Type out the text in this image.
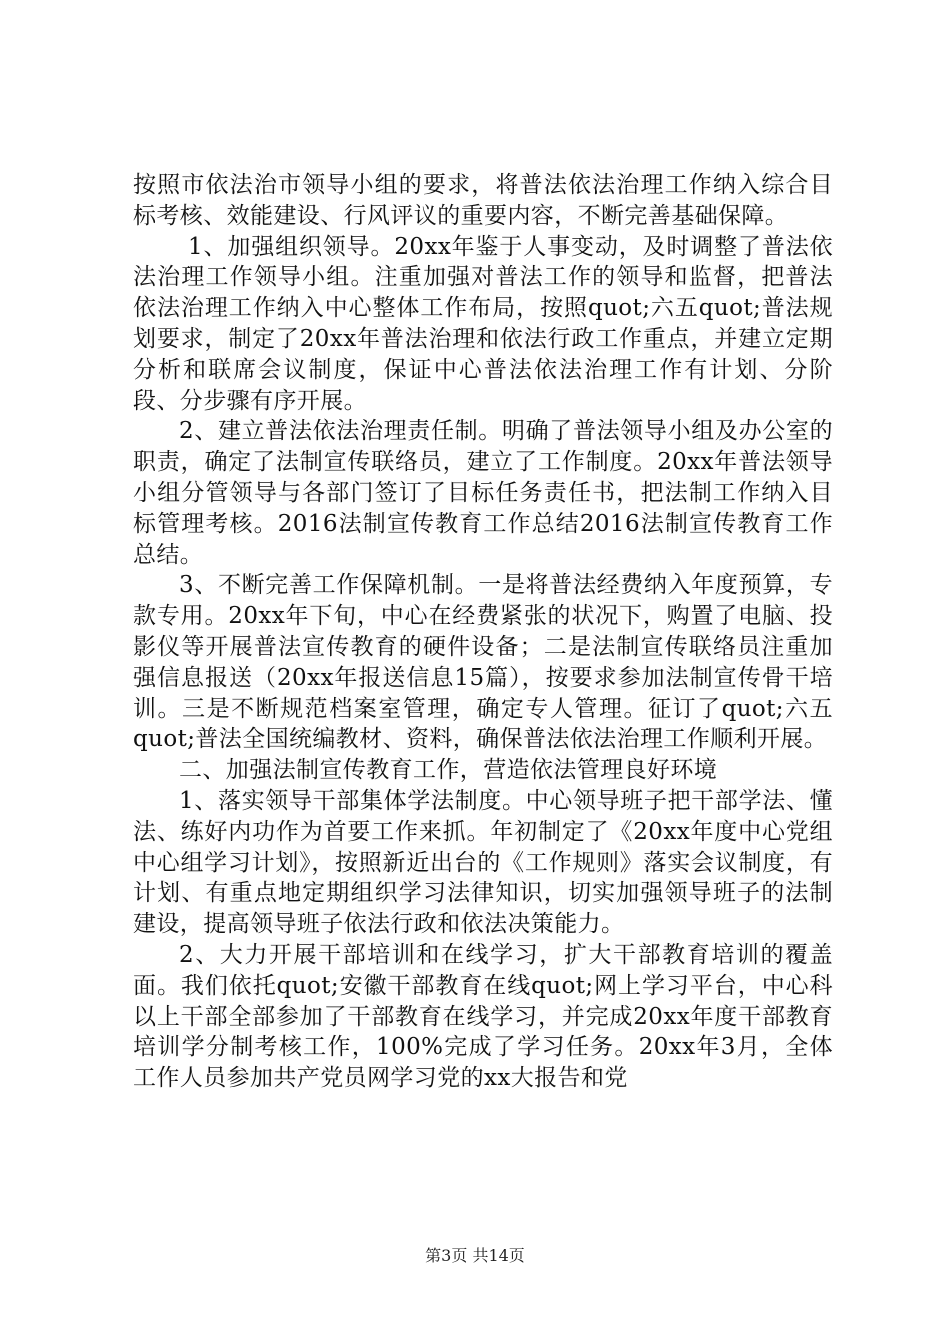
按照市依法治市领导小组的要求，将普法依法治理工作纳入综合目标考核、效能建设、行风评议的重要内容，不断完善基础保障。

1、加强组织领导。20xx年鉴于人事变动，及时调整了普法依法治理工作领导小组。注重加强对普法工作的领导和监督，把普法依法治理工作纳入中心整体工作布局，按照quot;六五quot;普法规划要求，制定了20xx年普法治理和依法行政工作重点，并建立定期分析和联席会议制度，保证中心普法依法治理工作有计划、分阶段、分步骤有序开展。

2、建立普法依法治理责任制。明确了普法领导小组及办公室的职责，确定了法制宣传联络员，建立了工作制度。20xx年普法领导小组分管领导与各部门签订了目标任务责任书，把法制工作纳入目标管理考核。2016法制宣传教育工作总结2016法制宣传教育工作总结。

3、不断完善工作保障机制。一是将普法经费纳入年度预算，专款专用。20xx年下旬，中心在经费紧张的状况下，购置了电脑、投影仪等开展普法宣传教育的硬件设备；二是法制宣传联络员注重加强信息报送（20xx年报送信息15篇），按要求参加法制宣传骨干培训。三是不断规范档案室管理，确定专人管理。征订了quot;六五quot;普法全国统编教材、资料，确保普法依法治理工作顺利开展。

二、加强法制宣传教育工作，营造依法管理良好环境

1、落实领导干部集体学法制度。中心领导班子把干部学法、懂法、练好内功作为首要工作来抓。年初制定了《20xx年度中心党组中心组学习计划》，按照新近出台的《工作规则》落实会议制度，有计划、有重点地定期组织学习法律知识，切实加强领导班子的法制建设，提高领导班子依法行政和依法决策能力。

2、大力开展干部培训和在线学习，扩大干部教育培训的覆盖面。我们依托quot;安徽干部教育在线quot;网上学习平台，中心科以上干部全部参加了干部教育在线学习，并完成20xx年度干部教育培训学分制考核工作，100%完成了学习任务。20xx年3月，全体工作人员参加共产党员网学习党的xx大报告和党

第3页 共14页
